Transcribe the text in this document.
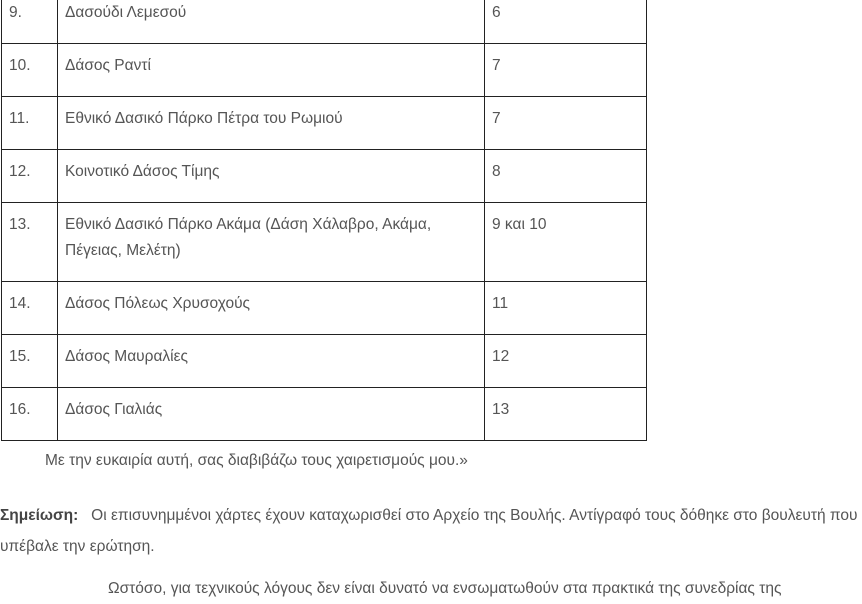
9.	Δασούδι Λεμεσού	6
10.	Δάσος Ραντί	7
11.	Εθνικό Δασικό Πάρκο Πέτρα του Ρωμιού	7
12.	Κοινοτικό Δάσος Τίμης	8
13.	Εθνικό Δασικό Πάρκο Ακάμα (Δάση Χάλαβρο, Ακάμα, Πέγειας, Μελέτη)	9 και 10
14.	Δάσος Πόλεως Χρυσοχούς	11
15.	Δάσος Μαυραλίες	12
16.	Δάσος Γιαλιάς	13

Με την ευκαιρία αυτή, σας διαβιβάζω τους χαιρετισμούς μου.»

Σημείωση: Οι επισυνημμένοι χάρτες έχουν καταχωρισθεί στο Αρχείο της Βουλής. Αντίγραφό τους δόθηκε στο βουλευτή που υπέβαλε την ερώτηση.

Ωστόσο, για τεχνικούς λόγους δεν είναι δυνατό να ενσωματωθούν στα πρακτικά της συνεδρίας της
